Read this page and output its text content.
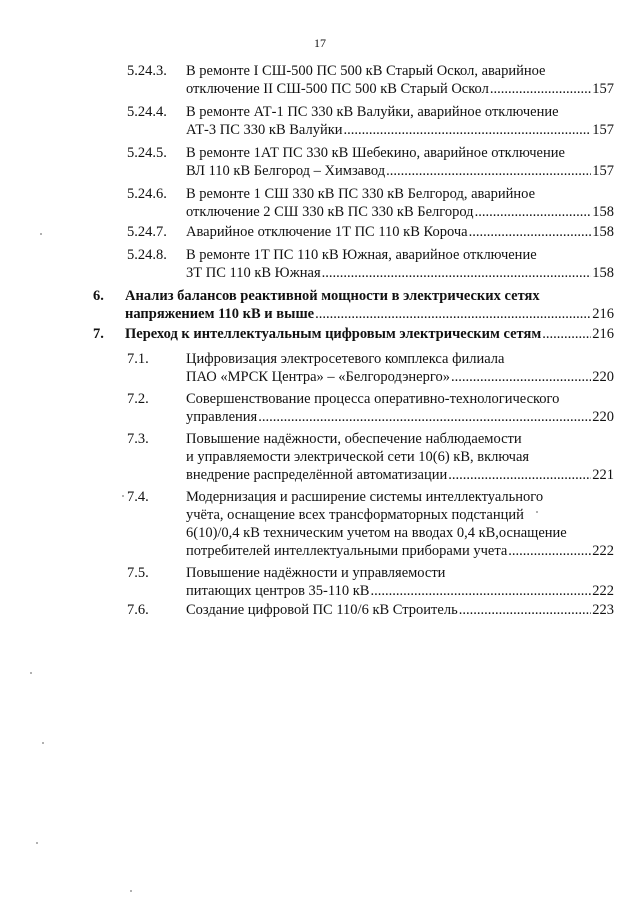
17
5.24.3. В ремонте I СШ-500 ПС 500 кВ Старый Оскол, аварийное
отключение II СШ-500 ПС 500 кВ Старый Оскол .....	157
5.24.4. В ремонте АТ-1 ПС 330 кВ Валуйки, аварийное отключение
АТ-3 ПС 330 кВ Валуйки .....	157
5.24.5. В ремонте 1АТ ПС 330 кВ Шебекино, аварийное отключение
ВЛ 110 кВ Белгород – Химзавод .....	157
5.24.6. В ремонте 1 СШ 330 кВ ПС 330 кВ Белгород, аварийное
отключение 2 СШ 330 кВ ПС 330 кВ Белгород .....	158
5.24.7. Аварийное отключение 1Т ПС 110 кВ Короча .....	158
5.24.8. В ремонте 1Т ПС 110 кВ Южная, аварийное отключение
3Т ПС 110 кВ Южная .....	158
6. Анализ балансов реактивной мощности в электрических сетях
напряжением 110 кВ и выше .....	216
7. Переход к интеллектуальным цифровым электрическим сетям .....	216
7.1.	Цифровизация электросетевого комплекса филиала
ПАО «МРСК Центра» – «Белгородэнерго» .....	220
7.2.	Совершенствование процесса оперативно-технологического
управления .....	220
7.3.	Повышение надёжности, обеспечение наблюдаемости
и управляемости электрической сети 10(6) кВ, включая
внедрение распределённой автоматизации .....	221
7.4.	Модернизация и расширение системы интеллектуального
учёта, оснащение всех трансформаторных подстанций
6(10)/0,4 кВ техническим учетом на вводах 0,4 кВ,оснащение
потребителей интеллектуальными приборами учета .....	222
7.5.	Повышение надёжности и управляемости
питающих центров 35-110 кВ .....	222
7.6.	Создание цифровой ПС 110/6 кВ Строитель .....	223
